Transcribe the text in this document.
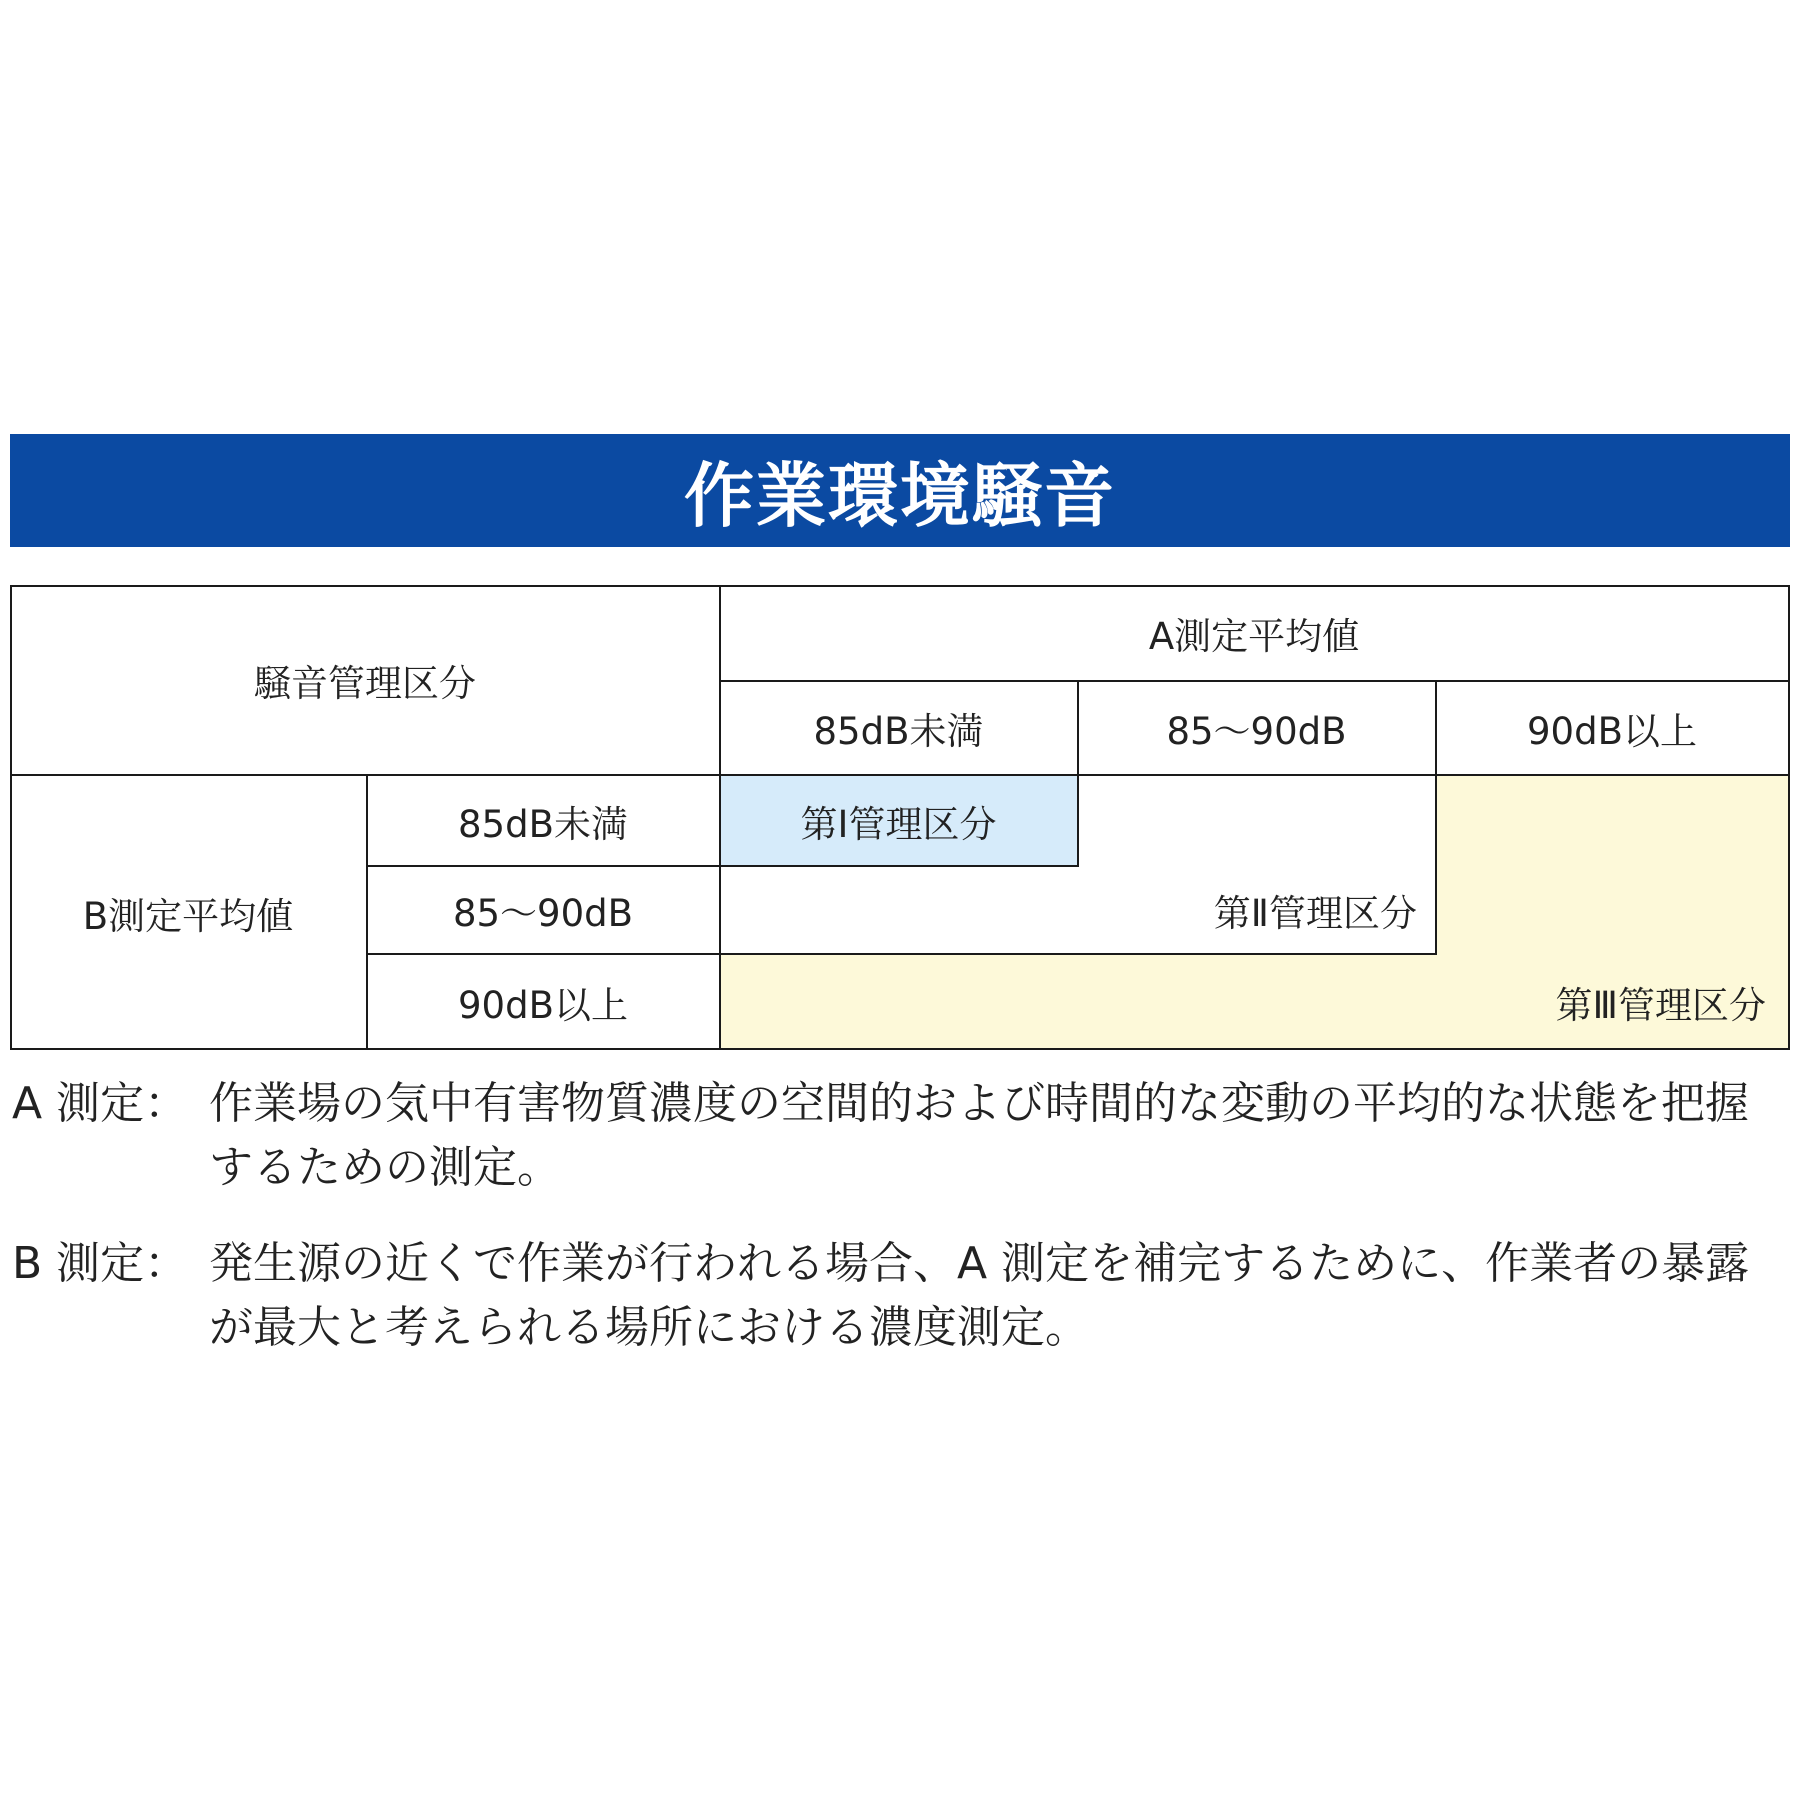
作業環境騒音
騒音管理区分
A測定平均値
85dB未満	85～90dB	90dB以上
B測定平均値
85dB未満
85～90dB
90dB以上
第Ⅰ管理区分
第Ⅱ管理区分
第Ⅲ管理区分
A 測定： 作業場の気中有害物質濃度の空間的および時間的な変動の平均的な状態を把握するための測定。
B 測定： 発生源の近くで作業が行われる場合、A 測定を補完するために、作業者の暴露が最大と考えられる場所における濃度測定。
